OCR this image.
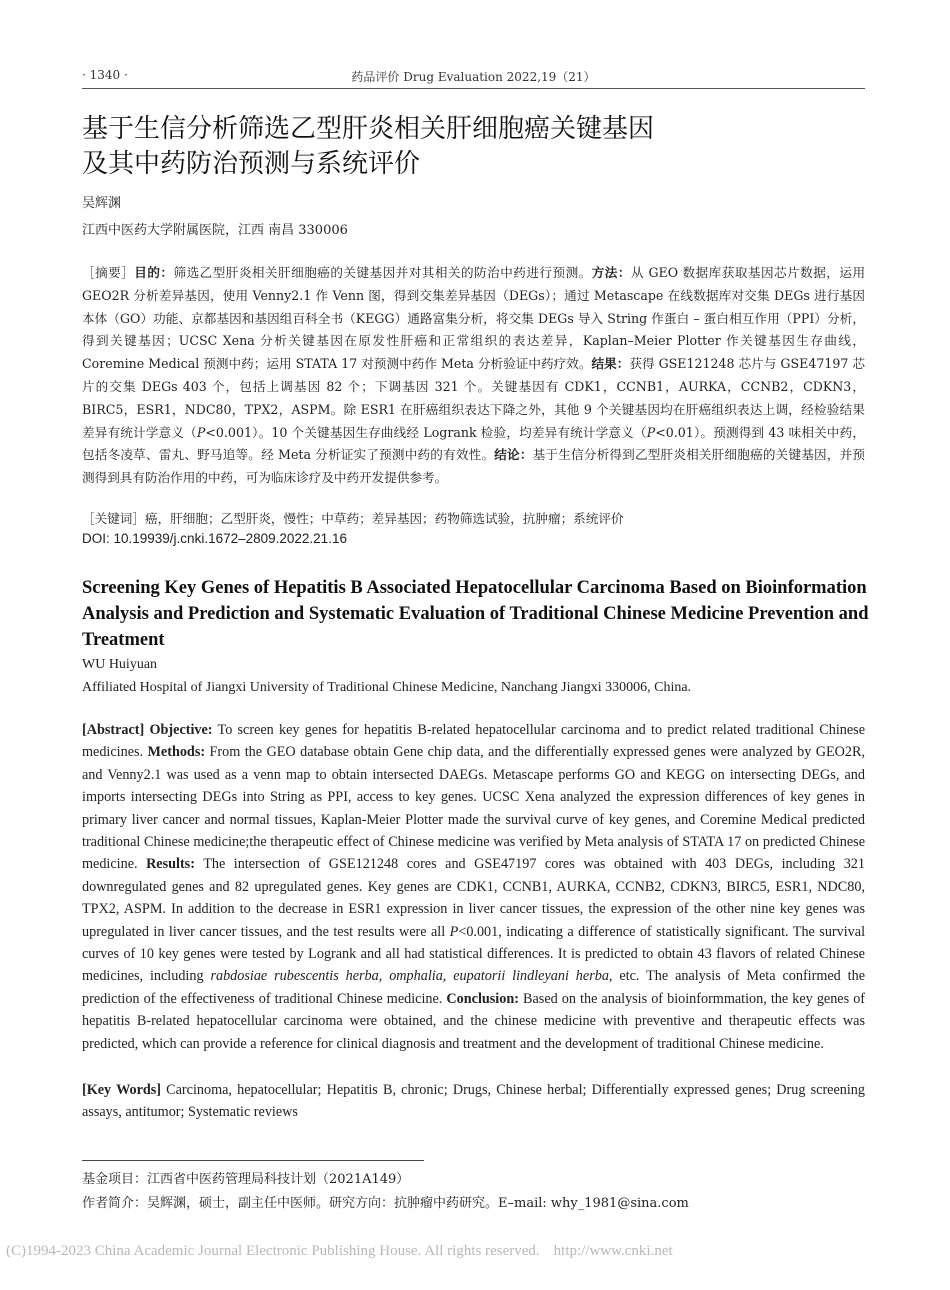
· 1340 ·	药品评价 Drug Evaluation 2022,19（21）
基于生信分析筛选乙型肝炎相关肝细胞癌关键基因
及其中药防治预测与系统评价
吴辉渊
江西中医药大学附属医院，江西 南昌 330006
［摘要］目的：筛选乙型肝炎相关肝细胞癌的关键基因并对其相关的防治中药进行预测。方法：从 GEO 数据库获取基因芯片数据，运用 GEO2R 分析差异基因，使用 Venny2.1 作 Venn 图，得到交集差异基因（DEGs）；通过 Metascape 在线数据库对交集 DEGs 进行基因本体（GO）功能、京都基因和基因组百科全书（KEGG）通路富集分析，将交集 DEGs 导入 String 作蛋白 – 蛋白相互作用（PPI）分析，得到关键基因；UCSC Xena 分析关键基因在原发性肝癌和正常组织的表达差异，Kaplan–Meier Plotter 作关键基因生存曲线，Coremine Medical 预测中药；运用 STATA 17 对预测中药作 Meta 分析验证中药疗效。结果：获得 GSE121248 芯片与 GSE47197 芯片的交集 DEGs 403 个，包括上调基因 82 个；下调基因 321 个。关键基因有 CDK1，CCNB1，AURKA，CCNB2，CDKN3，BIRC5，ESR1，NDC80，TPX2，ASPM。除 ESR1 在肝癌组织表达下降之外，其他 9 个关键基因均在肝癌组织表达上调，经检验结果差异有统计学意义（P<0.001）。10 个关键基因生存曲线经 Logrank 检验，均差异有统计学意义（P<0.01）。预测得到 43 味相关中药，包括冬凌草、雷丸、野马追等。经 Meta 分析证实了预测中药的有效性。结论：基于生信分析得到乙型肝炎相关肝细胞癌的关键基因，并预测得到具有防治作用的中药，可为临床诊疗及中药开发提供参考。
［关键词］癌，肝细胞；乙型肝炎，慢性；中草药；差异基因；药物筛选试验，抗肿瘤；系统评价
DOI: 10.19939/j.cnki.1672–2809.2022.21.16
Screening Key Genes of Hepatitis B Associated Hepatocellular Carcinoma Based on Bioinformation Analysis and Prediction and Systematic Evaluation of Traditional Chinese Medicine Prevention and Treatment
WU Huiyuan
Affiliated Hospital of Jiangxi University of Traditional Chinese Medicine, Nanchang Jiangxi 330006, China.
[Abstract] Objective: To screen key genes for hepatitis B-related hepatocellular carcinoma and to predict related traditional Chinese medicines. Methods: From the GEO database obtain Gene chip data, and the differentially expressed genes were analyzed by GEO2R, and Venny2.1 was used as a venn map to obtain intersected DAEGs. Metascape performs GO and KEGG on intersecting DEGs, and imports intersecting DEGs into String as PPI, access to key genes. UCSC Xena analyzed the expression differences of key genes in primary liver cancer and normal tissues, Kaplan-Meier Plotter made the survival curve of key genes, and Coremine Medical predicted traditional Chinese medicine;the therapeutic effect of Chinese medicine was verified by Meta analysis of STATA 17 on predicted Chinese medicine. Results: The intersection of GSE121248 cores and GSE47197 cores was obtained with 403 DEGs, including 321 downregulated genes and 82 upregulated genes. Key genes are CDK1, CCNB1, AURKA, CCNB2, CDKN3, BIRC5, ESR1, NDC80, TPX2, ASPM. In addition to the decrease in ESR1 expression in liver cancer tissues, the expression of the other nine key genes was upregulated in liver cancer tissues, and the test results were all P<0.001, indicating a difference of statistically significant. The survival curves of 10 key genes were tested by Logrank and all had statistical differences. It is predicted to obtain 43 flavors of related Chinese medicines, including rabdosiae rubescentis herba, omphalia, eupatorii lindleyani herba, etc. The analysis of Meta confirmed the prediction of the effectiveness of traditional Chinese medicine. Conclusion: Based on the analysis of bioinformmation, the key genes of hepatitis B-related hepatocellular carcinoma were obtained, and the chinese medicine with preventive and therapeutic effects was predicted, which can provide a reference for clinical diagnosis and treatment and the development of traditional Chinese medicine.
[Key Words] Carcinoma, hepatocellular; Hepatitis B, chronic; Drugs, Chinese herbal; Differentially expressed genes; Drug screening assays, antitumor; Systematic reviews
基金项目：江西省中医药管理局科技计划（2021A149）
作者简介：吴辉渊，硕士，副主任中医师。研究方向：抗肿瘤中药研究。E–mail: why_1981@sina.com
(C)1994-2023 China Academic Journal Electronic Publishing House. All rights reserved. http://www.cnki.net
